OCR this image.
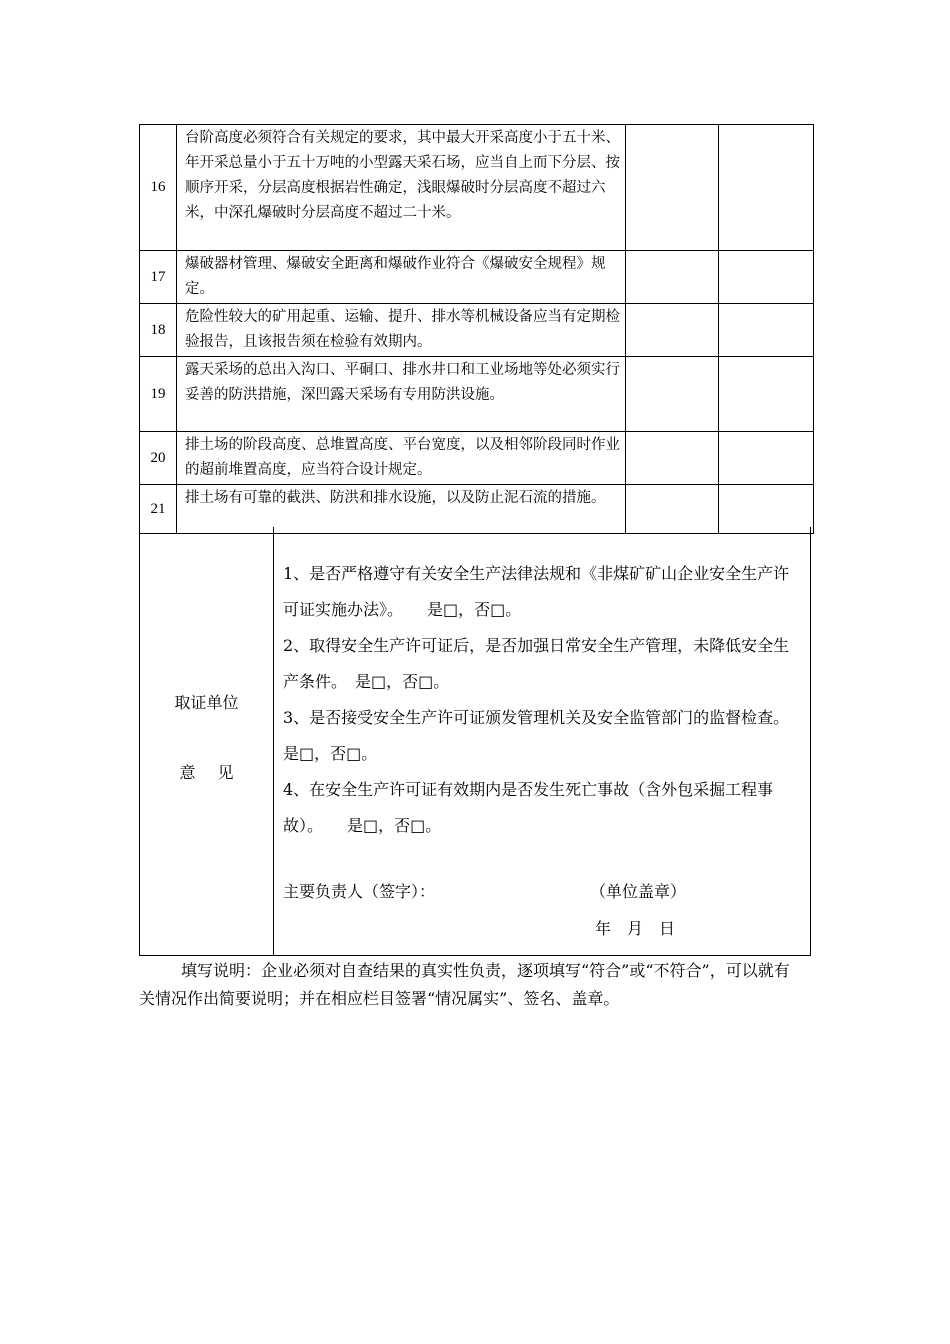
16	台阶高度必须符合有关规定的要求，其中最大开采高度小于五十米、年开采总量小于五十万吨的小型露天采石场，应当自上而下分层、按顺序开采，分层高度根据岩性确定，浅眼爆破时分层高度不超过六米，中深孔爆破时分层高度不超过二十米。		
17	爆破器材管理、爆破安全距离和爆破作业符合《爆破安全规程》规定。		
18	危险性较大的矿用起重、运输、提升、排水等机械设备应当有定期检验报告，且该报告须在检验有效期内。		
19	露天采场的总出入沟口、平硐口、排水井口和工业场地等处必须实行妥善的防洪措施，深凹露天采场有专用防洪设施。		
20	排土场的阶段高度、总堆置高度、平台宽度，以及相邻阶段同时作业的超前堆置高度，应当符合设计规定。		
21	排土场有可靠的截洪、防洪和排水设施，以及防止泥石流的措施。		
取证单位
意见

1、是否严格遵守有关安全生产法律法规和《非煤矿矿山企业安全生产许可证实施办法》。　　是□，否□。

2、取得安全生产许可证后，是否加强日常安全生产管理，未降低安全生产条件。　是□，否□。

3、是否接受安全生产许可证颁发管理机关及安全监管部门的监督检查。　　是□，否□。

4、在安全生产许可证有效期内是否发生死亡事故（含外包采掘工程事故）。　　是□，否□。

主要负责人（签字）：	（单位盖章）
年　月　日

填写说明：企业必须对自查结果的真实性负责，逐项填写“符合”或“不符合”，可以就有关情况作出简要说明；并在相应栏目签署“情况属实”、签名、盖章。
